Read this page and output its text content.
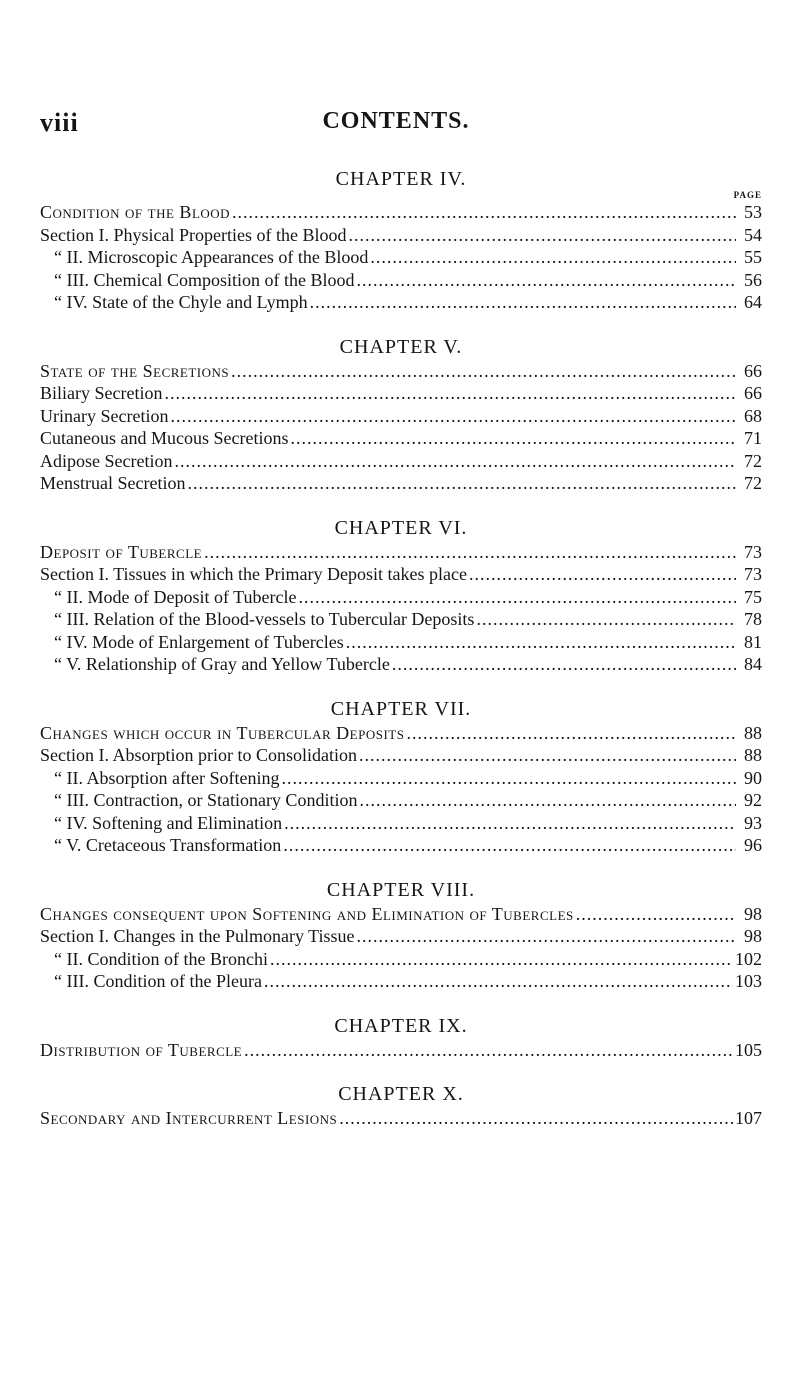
viii	CONTENTS.
CHAPTER IV.
PAGE
Condition of the Blood .....	53
Section I. Physical Properties of the Blood .....	54
“ II. Microscopic Appearances of the Blood .....	55
“ III. Chemical Composition of the Blood .....	56
“ IV. State of the Chyle and Lymph .....	64
CHAPTER V.
State of the Secretions .....	66
Biliary Secretion .....	66
Urinary Secretion .....	68
Cutaneous and Mucous Secretions .....	71
Adipose Secretion .....	72
Menstrual Secretion .....	72
CHAPTER VI.
Deposit of Tubercle .....	73
Section I. Tissues in which the Primary Deposit takes place .....	73
“ II. Mode of Deposit of Tubercle .....	75
“ III. Relation of the Blood-vessels to Tubercular Deposits .....	78
“ IV. Mode of Enlargement of Tubercles .....	81
“ V. Relationship of Gray and Yellow Tubercle .....	84
CHAPTER VII.
Changes which occur in Tubercular Deposits .....	88
Section I. Absorption prior to Consolidation .....	88
“ II. Absorption after Softening .....	90
“ III. Contraction, or Stationary Condition .....	92
“ IV. Softening and Elimination .....	93
“ V. Cretaceous Transformation .....	96
CHAPTER VIII.
Changes consequent upon Softening and Elimination of Tubercles .....	98
Section I. Changes in the Pulmonary Tissue .....	98
“ II. Condition of the Bronchi .....	102
“ III. Condition of the Pleura .....	103
CHAPTER IX.
Distribution of Tubercle .....	105
CHAPTER X.
Secondary and Intercurrent Lesions .....	107
